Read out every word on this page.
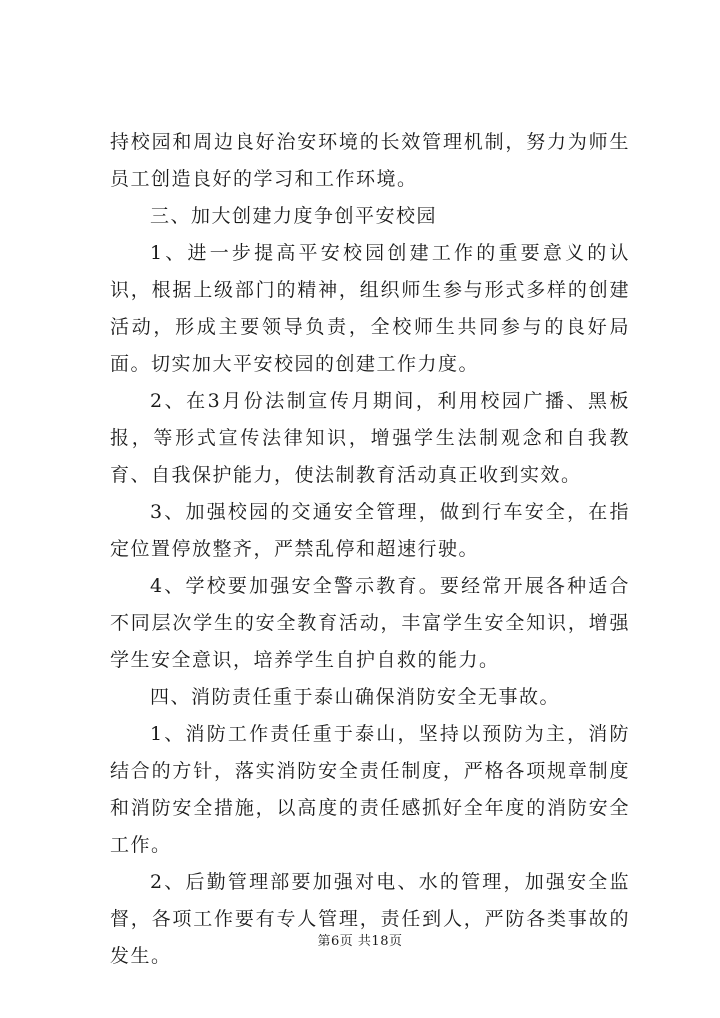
持校园和周边良好治安环境的长效管理机制，努力为师生员工创造良好的学习和工作环境。

三、加大创建力度争创平安校园

1、进一步提高平安校园创建工作的重要意义的认识，根据上级部门的精神，组织师生参与形式多样的创建活动，形成主要领导负责，全校师生共同参与的良好局面。切实加大平安校园的创建工作力度。

2、在3月份法制宣传月期间，利用校园广播、黑板报，等形式宣传法律知识，增强学生法制观念和自我教育、自我保护能力，使法制教育活动真正收到实效。

3、加强校园的交通安全管理，做到行车安全，在指定位置停放整齐，严禁乱停和超速行驶。

4、学校要加强安全警示教育。要经常开展各种适合不同层次学生的安全教育活动，丰富学生安全知识，增强学生安全意识，培养学生自护自救的能力。

四、消防责任重于泰山确保消防安全无事故。

1、消防工作责任重于泰山，坚持以预防为主，消防结合的方针，落实消防安全责任制度，严格各项规章制度和消防安全措施，以高度的责任感抓好全年度的消防安全工作。

2、后勤管理部要加强对电、水的管理，加强安全监督，各项工作要有专人管理，责任到人，严防各类事故的发生。

第6页 共18页
